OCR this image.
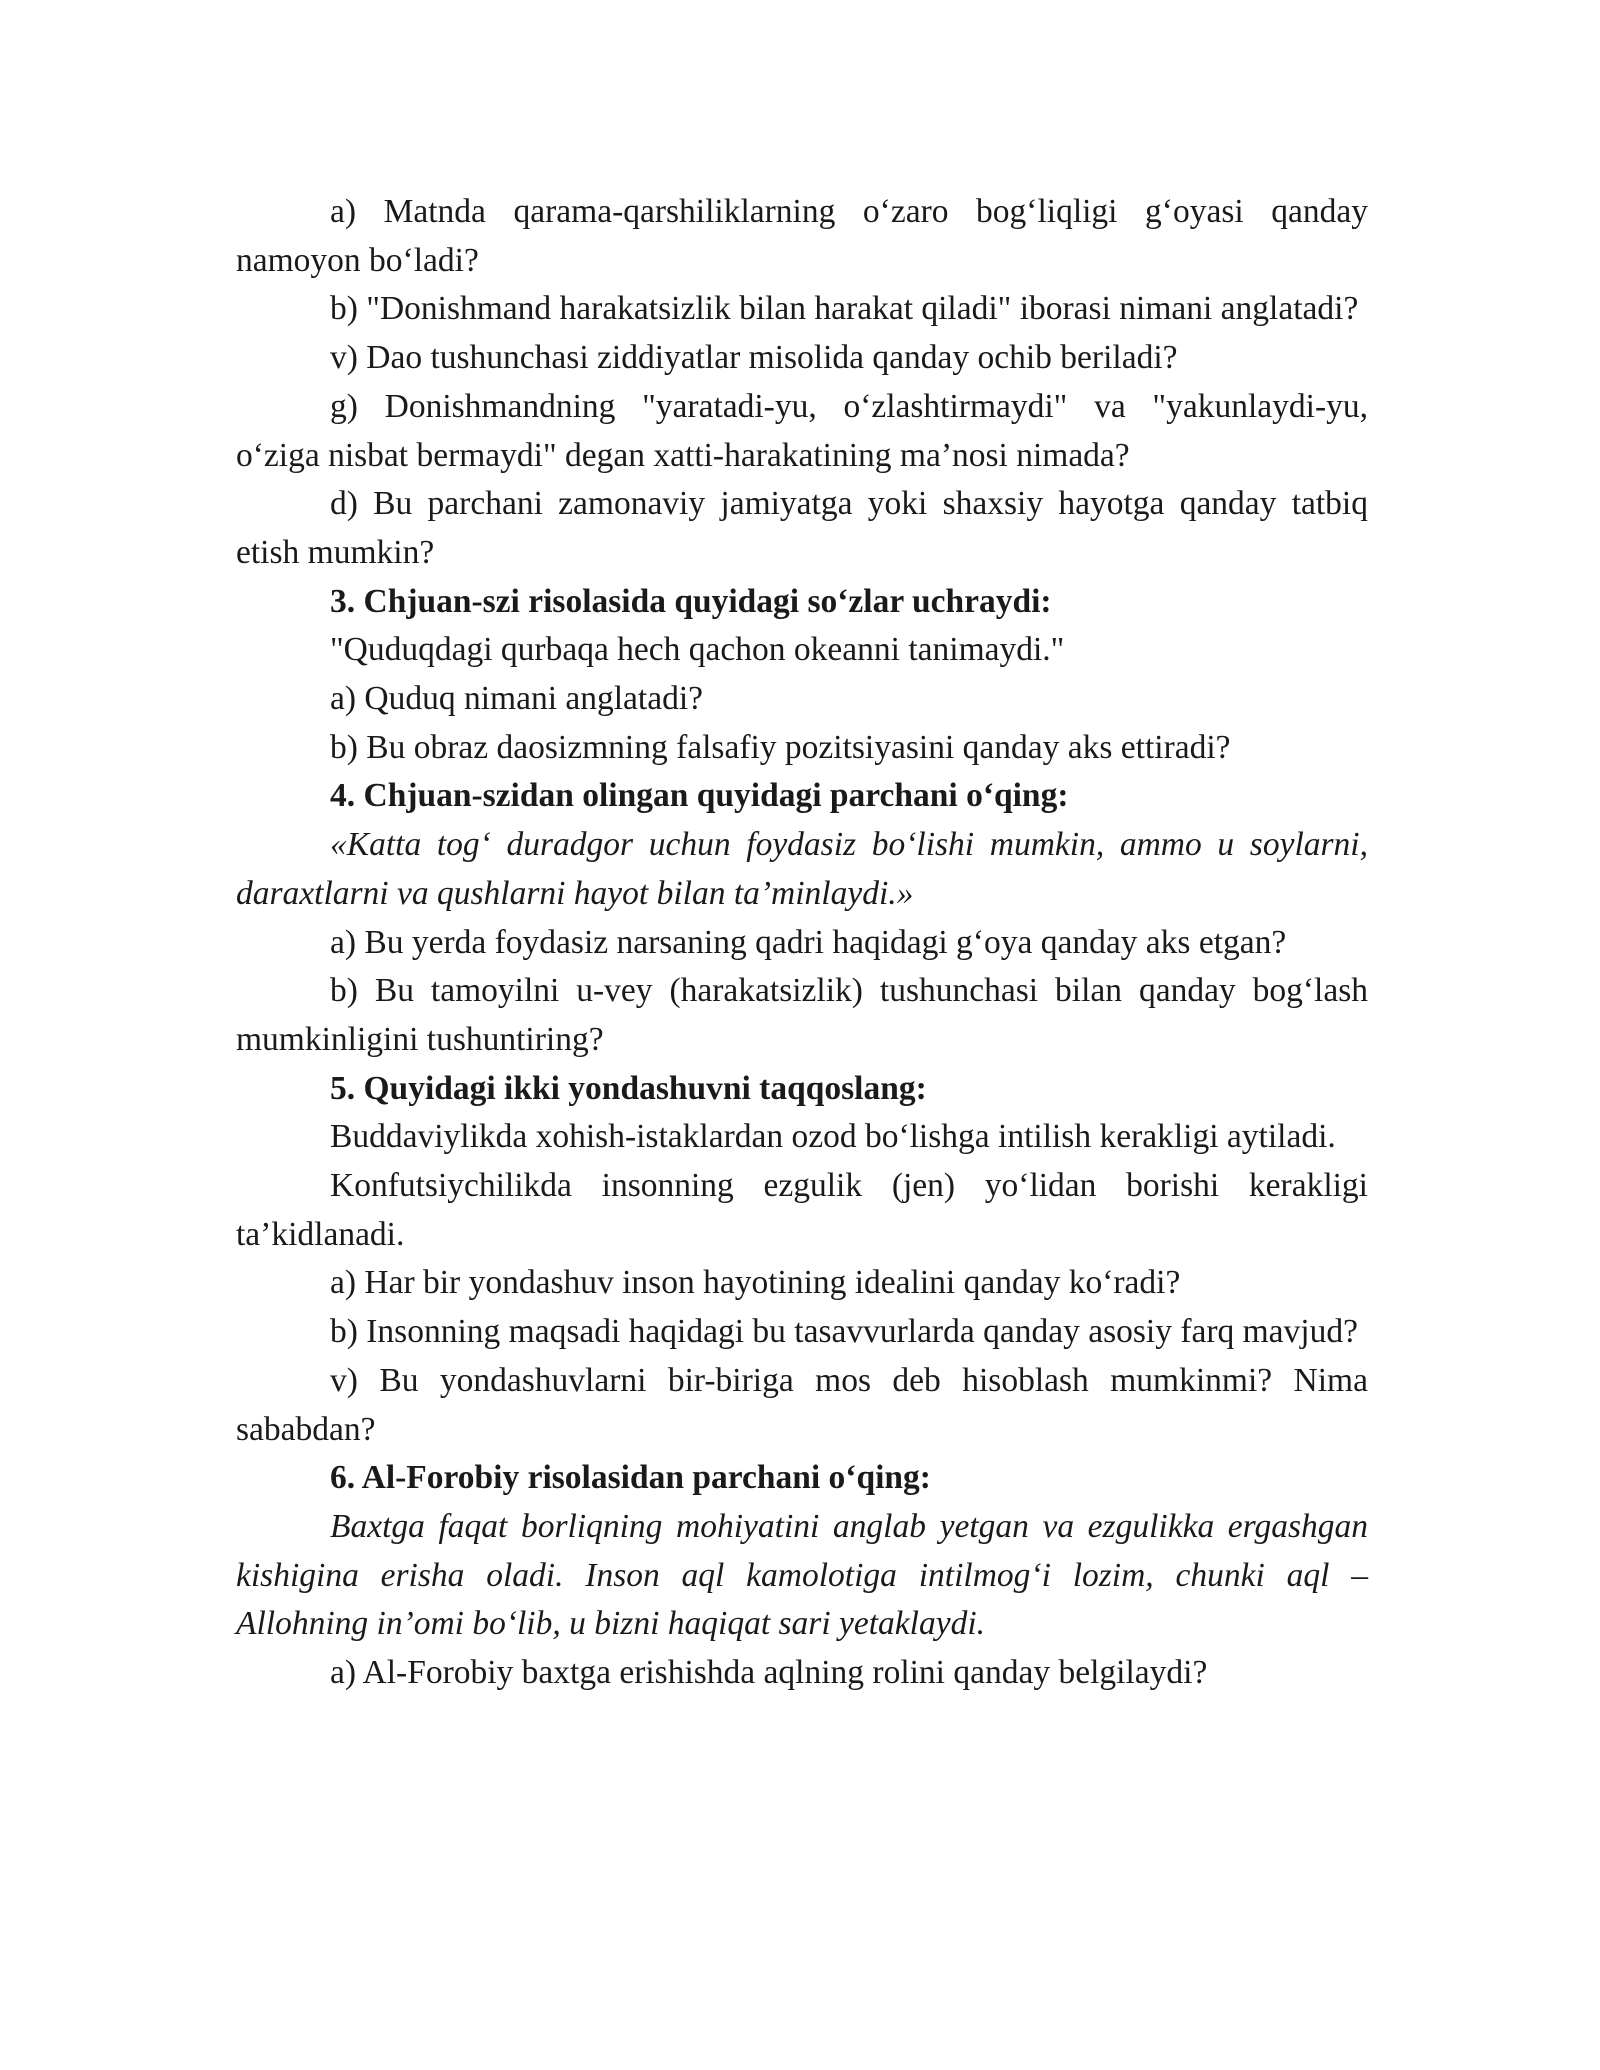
a) Matndа qarama-qarshiliklarning o‘zaro bog‘liqligi g‘oyasi qanday namoyon bo‘ladi?

b) "Donishmand harakatsizlik bilan harakat qiladi" iborasi nimani anglatadi?

v) Dao tushunchasi ziddiyatlar misolida qanday ochib beriladi?

g) Donishmandning "yaratadi-yu, o‘zlashtirmaydi" va "yakunlaydi-yu, o‘ziga nisbat bermaydi" degan xatti-harakatining ma’nosi nimada?

d) Bu parchani zamonaviy jamiyatga yoki shaxsiy hayotga qanday tatbiq etish mumkin?

3. Chjuan-szi risolasida quyidagi so‘zlar uchraydi:

"Quduqdagi qurbaqa hech qachon okeanni tanimaydi."

a) Quduq nimani anglatadi?

b) Bu obraz daosizmning falsafiy pozitsiyasini qanday aks ettiradi?

4. Chjuan-szidan olingan quyidagi parchani o‘qing:

«Katta tog‘ duradgor uchun foydasiz bo‘lishi mumkin, ammo u soylarni, daraxtlarni va qushlarni hayot bilan ta’minlaydi.»

a) Bu yerda foydasiz narsaning qadri haqidagi g‘oya qanday aks etgan?

b) Bu tamoyilni u-vey (harakatsizlik) tushunchasi bilan qanday bog‘lash mumkinligini tushuntiring?

5. Quyidagi ikki yondashuvni taqqoslang:

Buddaviylikda xohish-istaklardan ozod bo‘lishga intilish kerakligi aytiladi.

Konfutsiychilikda insonning ezgulik (jen) yo‘lidan borishi kerakligi ta’kidlanadi.

a) Har bir yondashuv inson hayotining idealini qanday ko‘radi?

b) Insonning maqsadi haqidagi bu tasavvurlarda qanday asosiy farq mavjud?

v) Bu yondashuvlarni bir-biriga mos deb hisoblash mumkinmi? Nima sababdan?

6. Al-Forobiy risolasidan parchani o‘qing:

Baxtga faqat borliqning mohiyatini anglab yetgan va ezgulikka ergashgan kishigina erisha oladi. Inson aql kamolotiga intilmog‘i lozim, chunki aql – Allohning in’omi bo‘lib, u bizni haqiqat sari yetaklaydi.

a) Al-Forobiy baxtga erishishda aqlning rolini qanday belgilaydi?
